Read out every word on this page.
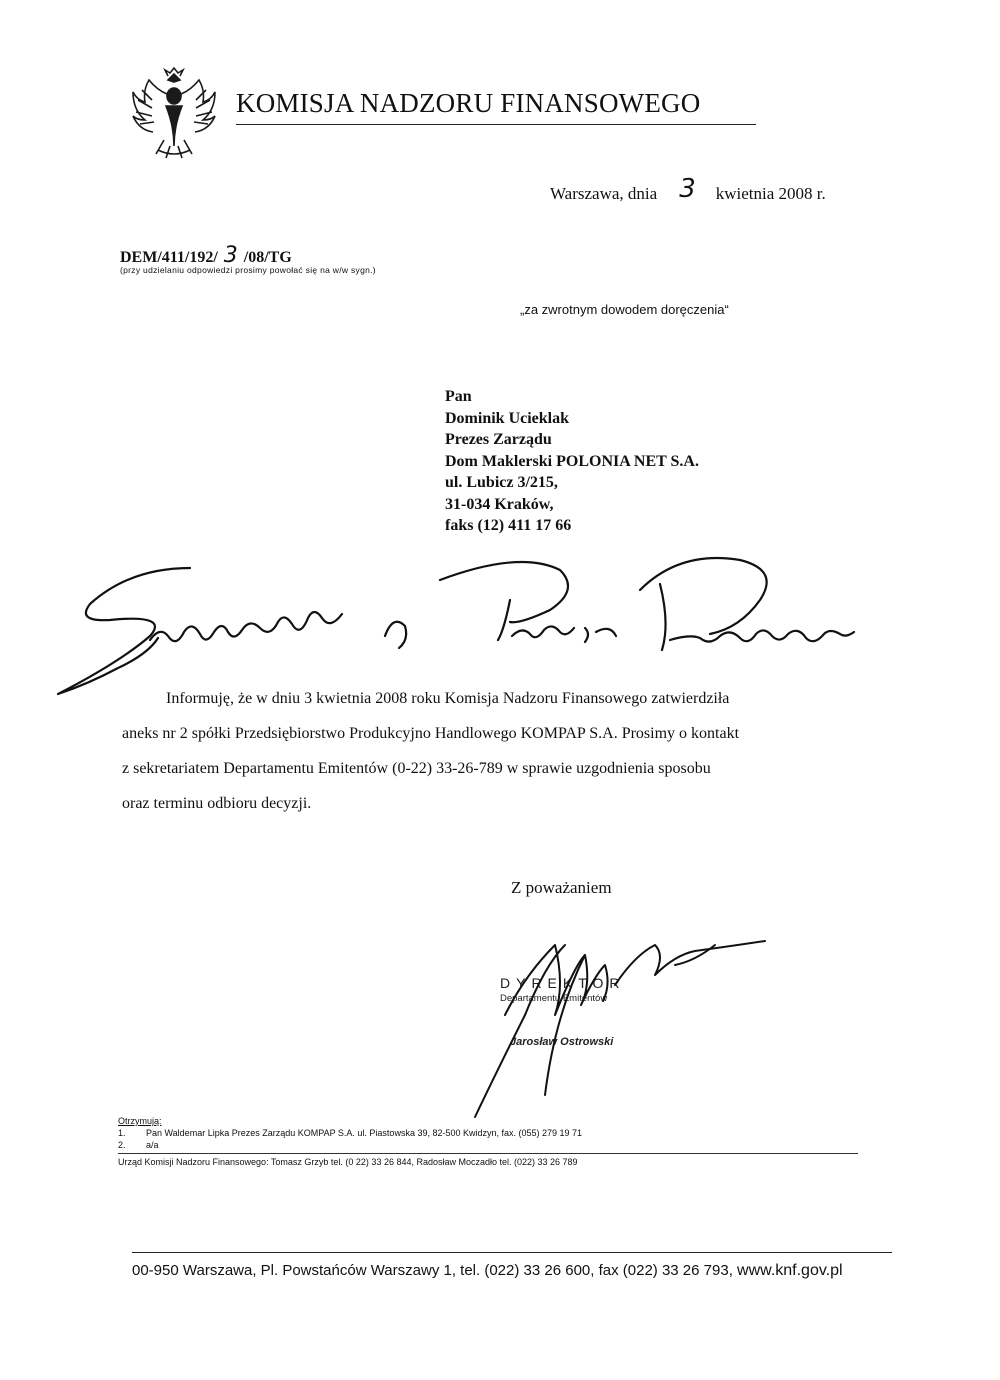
KOMISJA NADZORU FINANSOWEGO
Warszawa, dnia 3 kwietnia 2008 r.
DEM/411/192/ 3 /08/TG
(przy udzielaniu odpowiedzi prosimy powołać się na w/w sygn.)
„za zwrotnym dowodem doręczenia“
Pan
Dominik Ucieklak
Prezes Zarządu
Dom Maklerski POLONIA NET S.A.
ul. Lubicz 3/215,
31-034 Kraków,
faks (12) 411 17 66
Informuję, że w dniu 3 kwietnia 2008 roku Komisja Nadzoru Finansowego zatwierdziła
aneks nr 2 spółki Przedsiębiorstwo Produkcyjno Handlowego KOMPAP S.A. Prosimy o kontakt
z sekretariatem Departamentu Emitentów (0-22) 33-26-789 w sprawie uzgodnienia sposobu
oraz terminu odbioru decyzji.
Z poważaniem
DYREKTOR
Departamentu Emitentów
Jarosław Ostrowski
Otrzymują:
1. Pan Waldemar Lipka Prezes Zarządu KOMPAP S.A. ul. Piastowska 39, 82-500 Kwidzyn, fax. (055) 279 19 71
2. a/a
Urząd Komisji Nadzoru Finansowego: Tomasz Grzyb tel. (0 22) 33 26 844, Radosław Moczadło tel. (022) 33 26 789
00-950 Warszawa, Pl. Powstańców Warszawy 1, tel. (022) 33 26 600, fax (022) 33 26 793, www.knf.gov.pl
